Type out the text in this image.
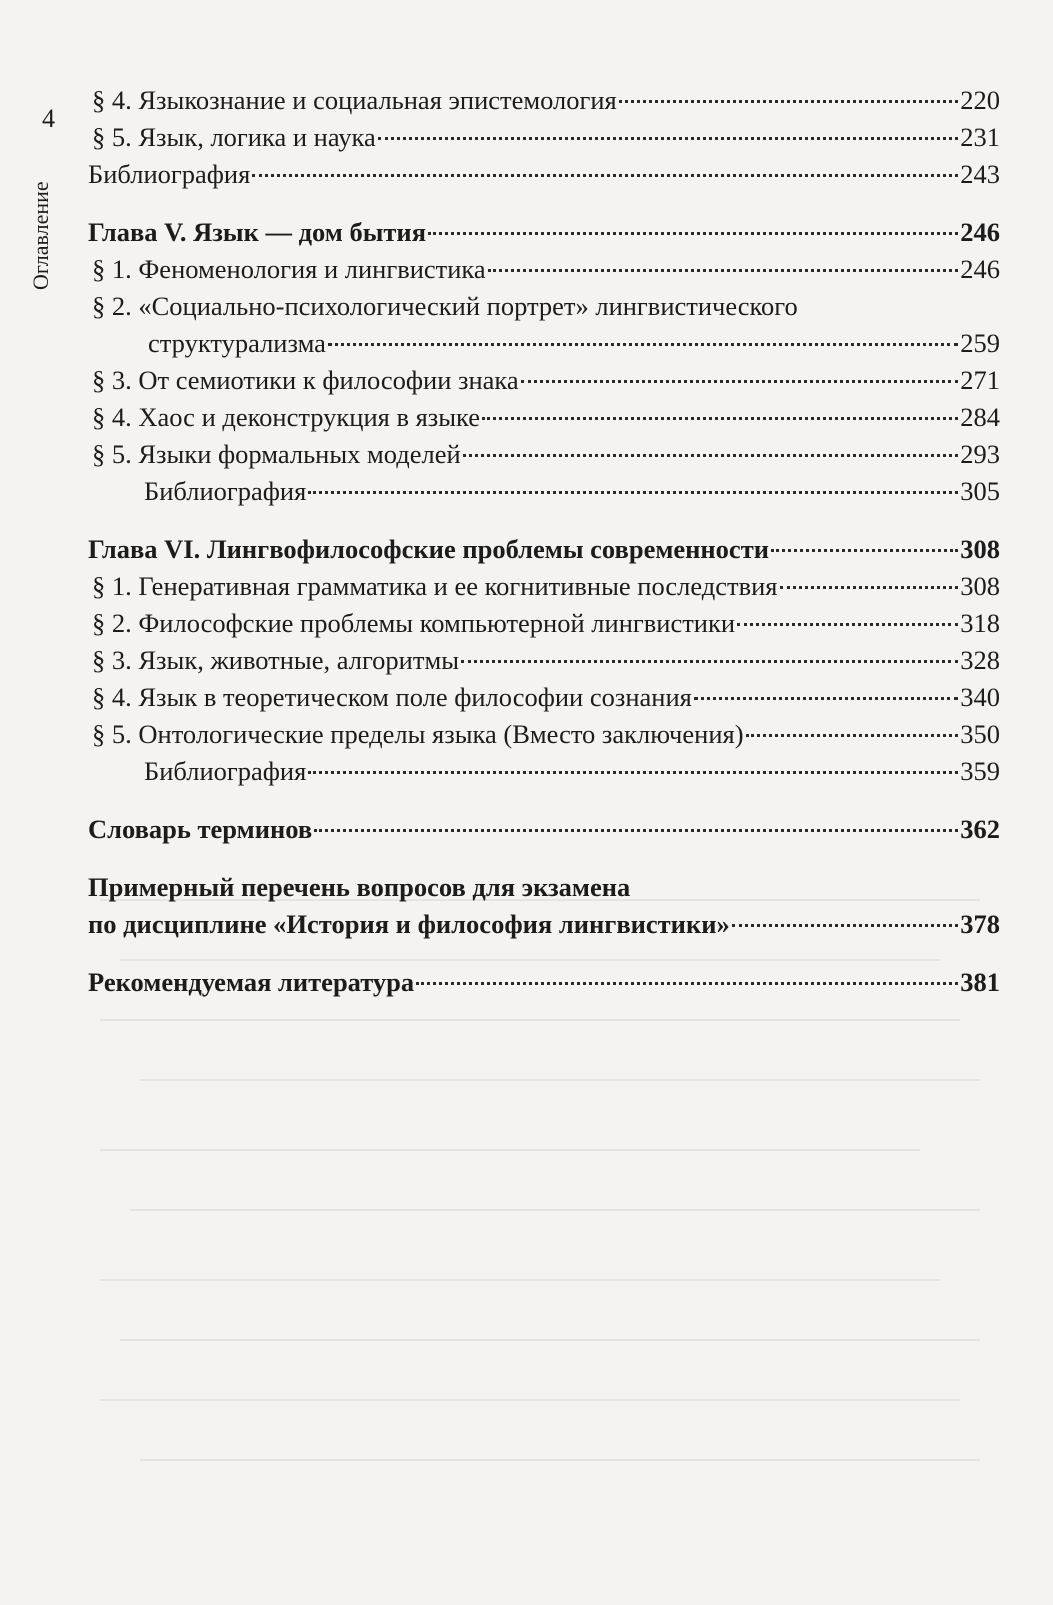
4
Оглавление
§ 4. Языкознание и социальная эпистемология	220
§ 5. Язык, логика и наука	231
Библиография	243
Глава V. Язык — дом бытия	246
§ 1. Феноменология и лингвистика	246
§ 2. «Социально-психологический портрет» лингвистического
структурализма	259
§ 3. От семиотики к философии знака	271
§ 4. Хаос и деконструкция в языке	284
§ 5. Языки формальных моделей	293
Библиография	305
Глава VI. Лингвофилософские проблемы современности	308
§ 1. Генеративная грамматика и ее когнитивные последствия	308
§ 2. Философские проблемы компьютерной лингвистики	318
§ 3. Язык, животные, алгоритмы	328
§ 4. Язык в теоретическом поле философии сознания	340
§ 5. Онтологические пределы языка (Вместо заключения)	350
Библиография	359
Словарь терминов	362
Примерный перечень вопросов для экзамена
по дисциплине «История и философия лингвистики»	378
Рекомендуемая литература	381
